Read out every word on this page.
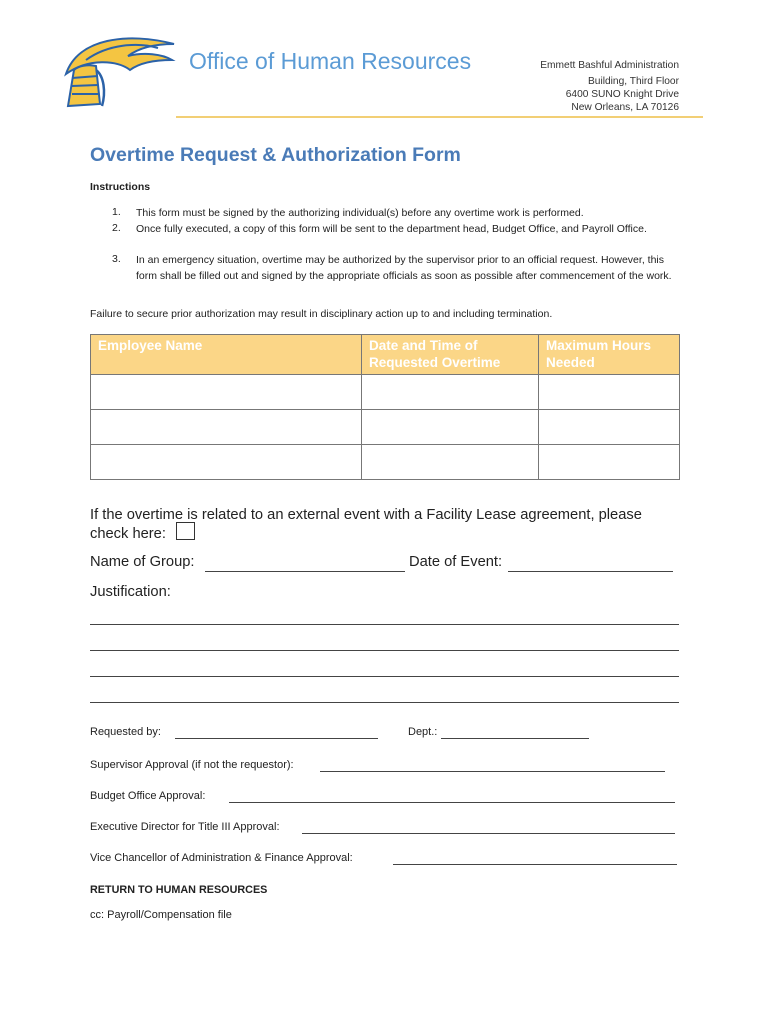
Office of Human Resources	Emmett Bashful Administration
Building, Third Floor
6400 SUNO Knight Drive
New Orleans, LA 70126
Overtime Request & Authorization Form
Instructions
1. This form must be signed by the authorizing individual(s) before any overtime work is performed.
2. Once fully executed, a copy of this form will be sent to the department head, Budget Office, and Payroll Office.
3. In an emergency situation, overtime may be authorized by the supervisor prior to an official request. However, this form shall be filled out and signed by the appropriate officials as soon as possible after commencement of the work.
Failure to secure prior authorization may result in disciplinary action up to and including termination.
Employee Name	Date and Time of Requested Overtime	Maximum Hours Needed

If the overtime is related to an external event with a Facility Lease agreement, please check here:
Name of Group:	Date of Event:
Justification:
Requested by:	Dept.:
Supervisor Approval (if not the requestor):
Budget Office Approval:
Executive Director for Title III Approval:
Vice Chancellor of Administration & Finance Approval:
RETURN TO HUMAN RESOURCES
cc: Payroll/Compensation file
